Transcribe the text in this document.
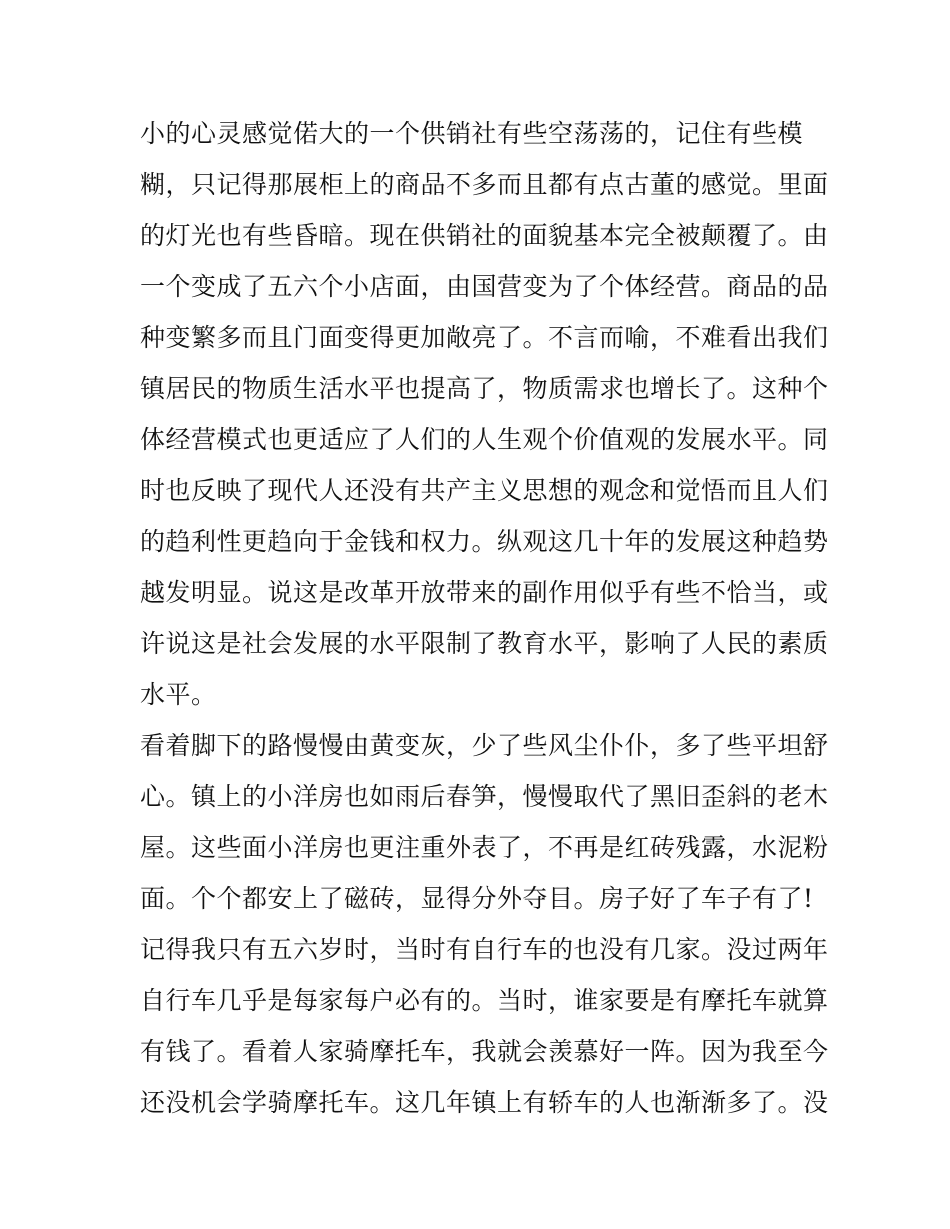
小的心灵感觉偌大的一个供销社有些空荡荡的，记住有些模
糊，只记得那展柜上的商品不多而且都有点古董的感觉。里面
的灯光也有些昏暗。现在供销社的面貌基本完全被颠覆了。由
一个变成了五六个小店面，由国营变为了个体经营。商品的品
种变繁多而且门面变得更加敞亮了。不言而喻，不难看出我们
镇居民的物质生活水平也提高了，物质需求也增长了。这种个
体经营模式也更适应了人们的人生观个价值观的发展水平。同
时也反映了现代人还没有共产主义思想的观念和觉悟而且人们
的趋利性更趋向于金钱和权力。纵观这几十年的发展这种趋势
越发明显。说这是改革开放带来的副作用似乎有些不恰当，或
许说这是社会发展的水平限制了教育水平，影响了人民的素质
水平。
看着脚下的路慢慢由黄变灰，少了些风尘仆仆，多了些平坦舒
心。镇上的小洋房也如雨后春笋，慢慢取代了黑旧歪斜的老木
屋。这些面小洋房也更注重外表了，不再是红砖残露，水泥粉
面。个个都安上了磁砖，显得分外夺目。房子好了车子有了!
记得我只有五六岁时，当时有自行车的也没有几家。没过两年
自行车几乎是每家每户必有的。当时，谁家要是有摩托车就算
有钱了。看着人家骑摩托车，我就会羡慕好一阵。因为我至今
还没机会学骑摩托车。这几年镇上有轿车的人也渐渐多了。没
